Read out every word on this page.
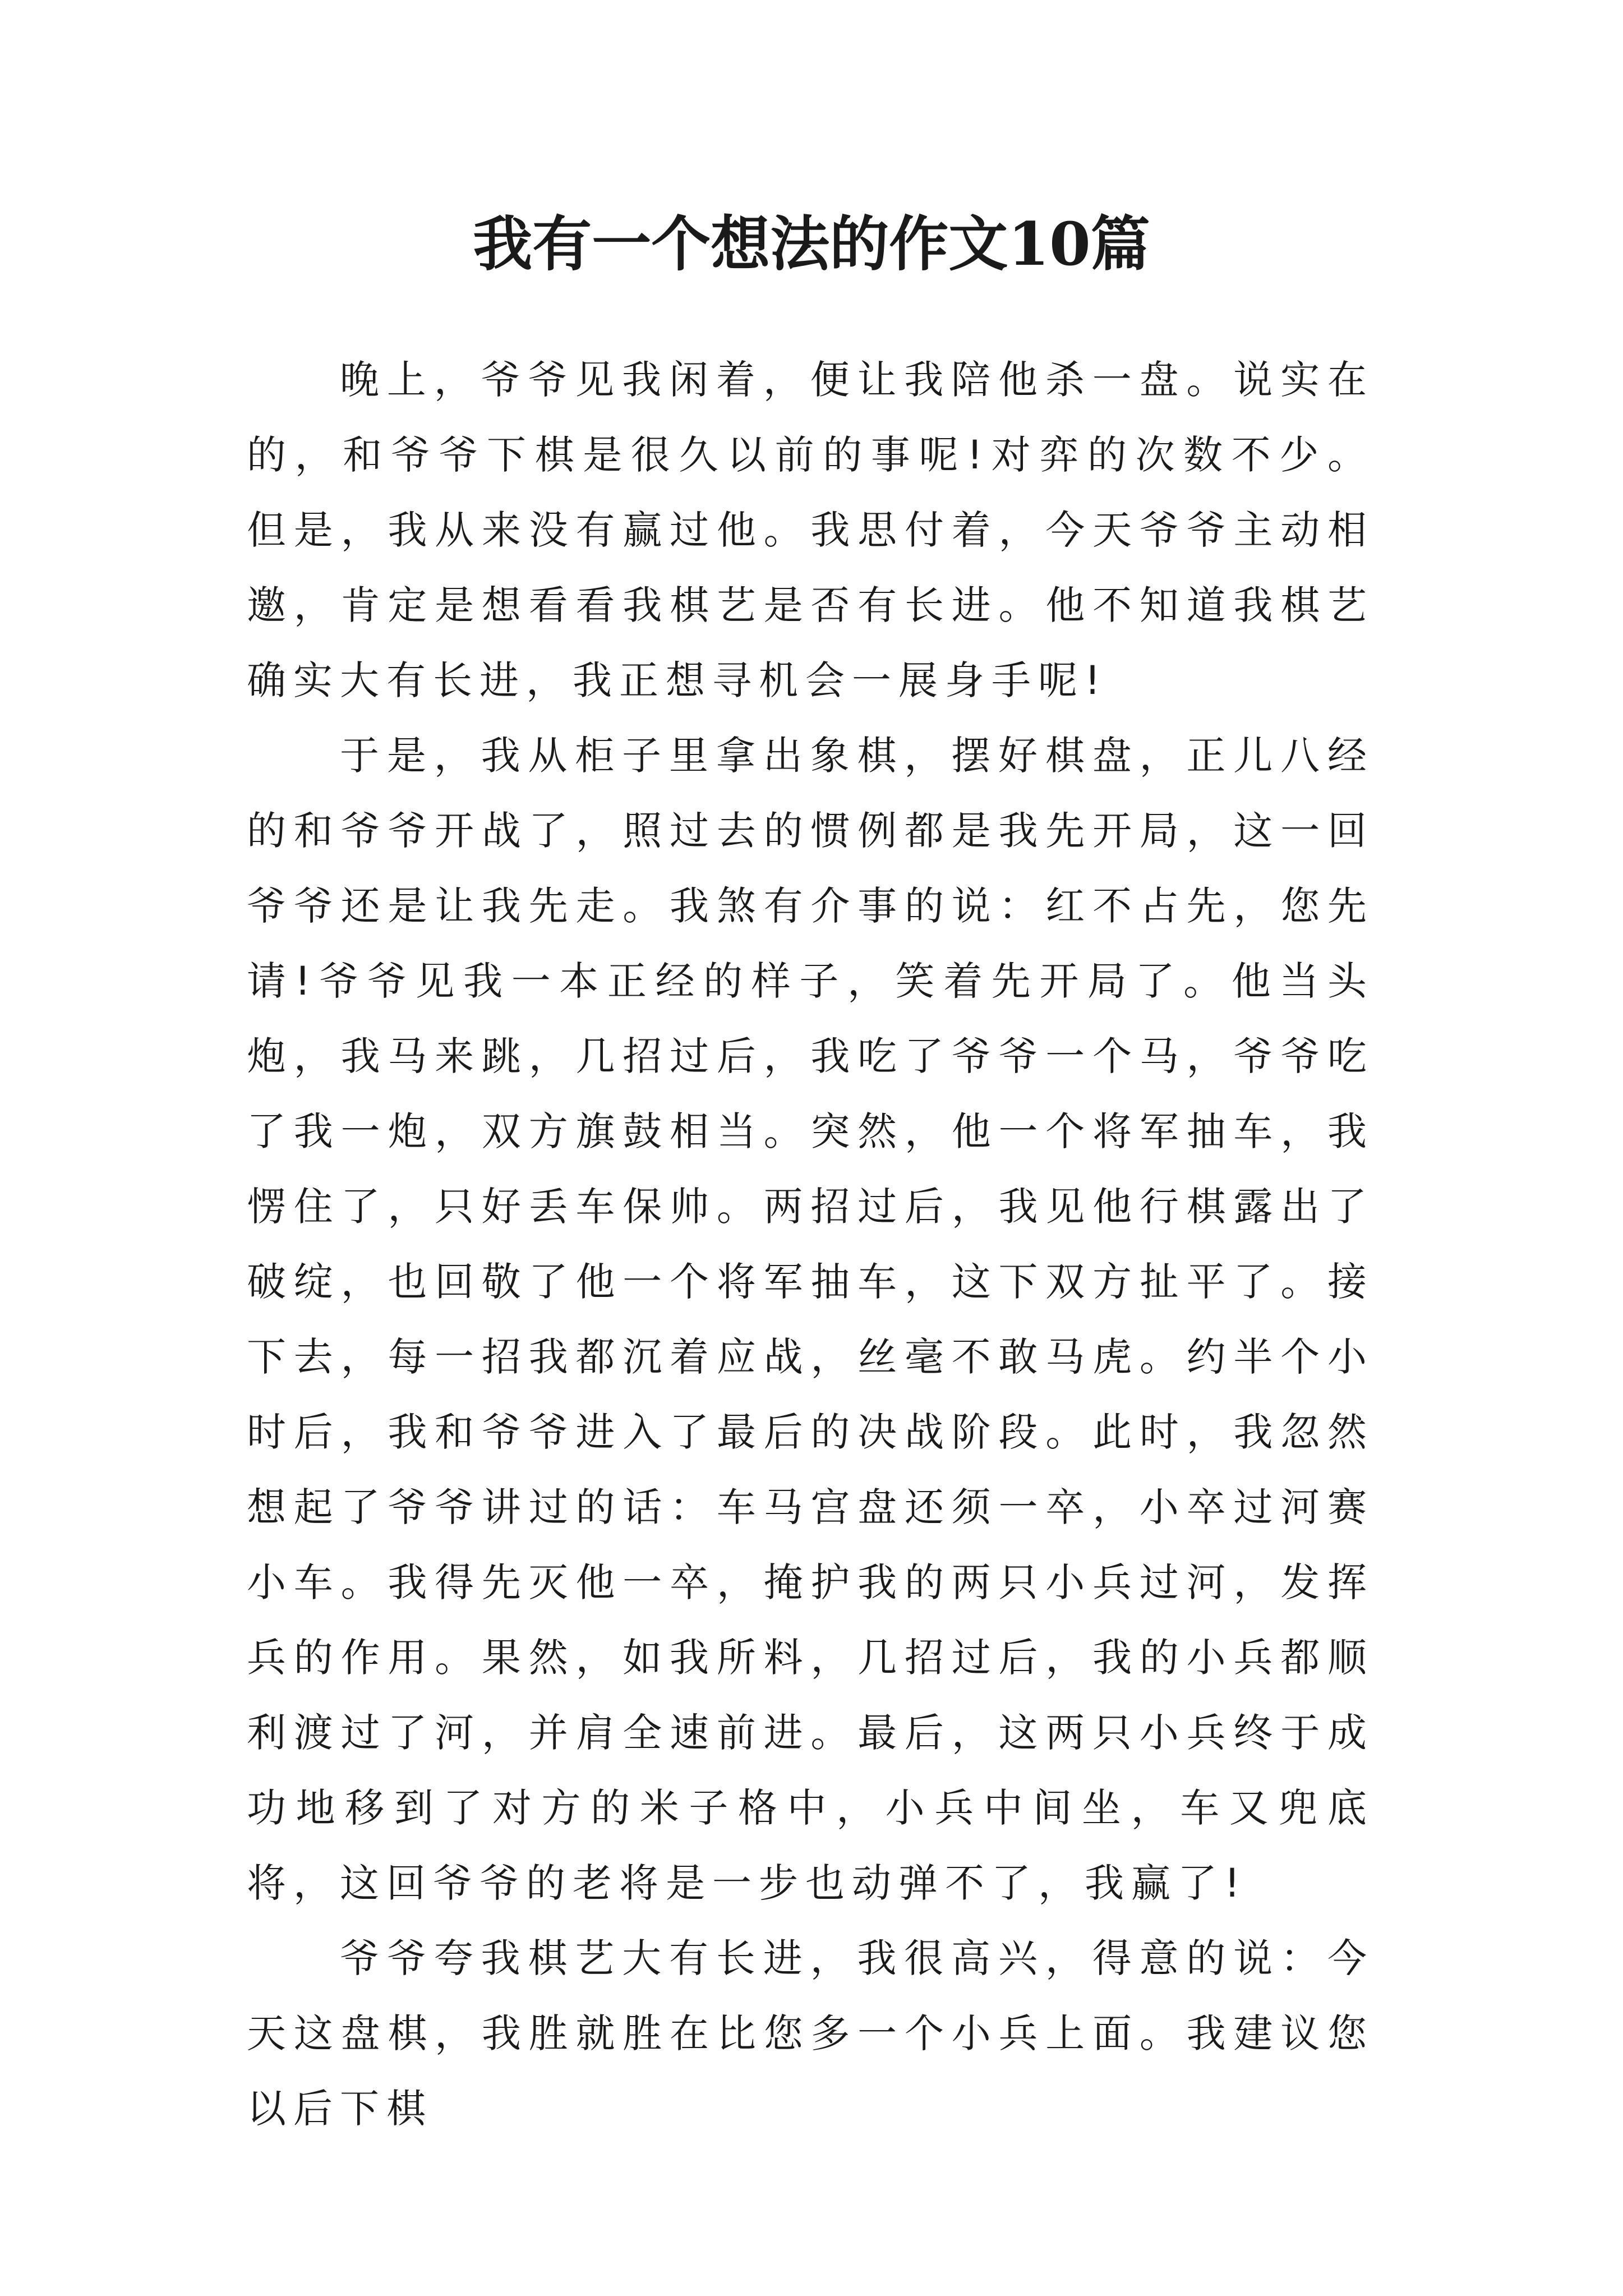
我有一个想法的作文10篇

晚上，爷爷见我闲着，便让我陪他杀一盘。说实在的，和爷爷下棋是很久以前的事呢!对弈的次数不少。但是，我从来没有赢过他。我思付着，今天爷爷主动相邀，肯定是想看看我棋艺是否有长进。他不知道我棋艺确实大有长进，我正想寻机会一展身手呢!

于是，我从柜子里拿出象棋，摆好棋盘，正儿八经的和爷爷开战了，照过去的惯例都是我先开局，这一回爷爷还是让我先走。我煞有介事的说：红不占先，您先请!爷爷见我一本正经的样子，笑着先开局了。他当头炮，我马来跳，几招过后，我吃了爷爷一个马，爷爷吃了我一炮，双方旗鼓相当。突然，他一个将军抽车，我愣住了，只好丢车保帅。两招过后，我见他行棋露出了破绽，也回敬了他一个将军抽车，这下双方扯平了。接下去，每一招我都沉着应战，丝毫不敢马虎。约半个小时后，我和爷爷进入了最后的决战阶段。此时，我忽然想起了爷爷讲过的话：车马宫盘还须一卒，小卒过河赛小车。我得先灭他一卒，掩护我的两只小兵过河，发挥兵的作用。果然，如我所料，几招过后，我的小兵都顺利渡过了河，并肩全速前进。最后，这两只小兵终于成功地移到了对方的米子格中，小兵中间坐，车又兜底将，这回爷爷的老将是一步也动弹不了，我赢了!

爷爷夸我棋艺大有长进，我很高兴，得意的说：今天这盘棋，我胜就胜在比您多一个小兵上面。我建议您以后下棋
